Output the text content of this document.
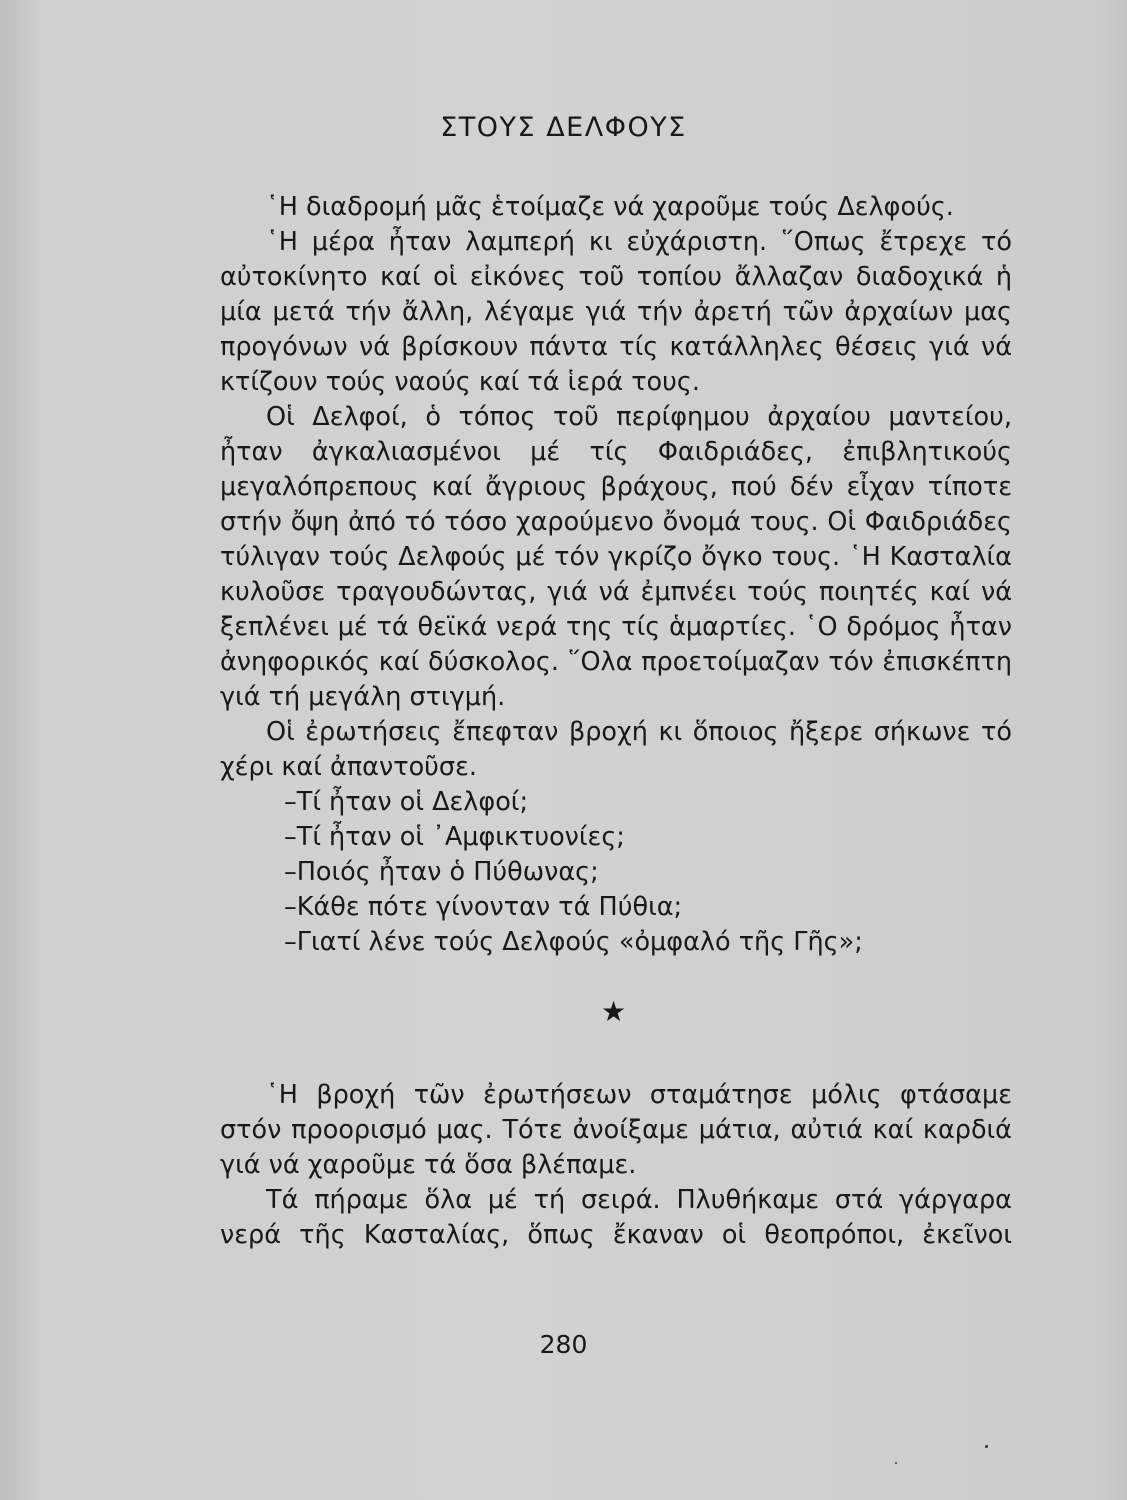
ΣΤΟΥΣ ΔΕΛΦΟΥΣ

῾Η διαδρομή μᾶς ἑτοίμαζε νά χαροῦμε τούς Δελφούς.

῾Η μέρα ἦταν λαμπερή κι εὐχάριστη. ῞Οπως ἔτρεχε τό αὐτοκίνητο καί οἱ εἰκόνες τοῦ τοπίου ἄλλαζαν διαδοχικά ἡ μία μετά τήν ἄλλη, λέγαμε γιά τήν ἀρετή τῶν ἀρχαίων μας προγόνων νά βρίσκουν πάντα τίς κατάλληλες θέσεις γιά νά κτίζουν τούς ναούς καί τά ἱερά τους.

Οἱ Δελφοί, ὁ τόπος τοῦ περίφημου ἀρχαίου μαντείου, ἦταν ἀγκαλιασμένοι μέ τίς Φαιδριάδες, ἐπιβλητικούς μεγαλόπρεπους καί ἄγριους βράχους, πού δέν εἶχαν τίποτε στήν ὄψη ἀπό τό τόσο χαρούμενο ὄνομά τους. Οἱ Φαιδριάδες τύλιγαν τούς Δελφούς μέ τόν γκρίζο ὄγκο τους. ῾Η Κασταλία κυλοῦσε τραγουδώντας, γιά νά ἐμπνέει τούς ποιητές καί νά ξεπλένει μέ τά θεϊκά νερά της τίς ἁμαρτίες. ῾Ο δρόμος ἦταν ἀνηφορικός καί δύσκολος. ῞Ολα προετοίμαζαν τόν ἐπισκέπτη γιά τή μεγάλη στιγμή.

Οἱ ἐρωτήσεις ἔπεφταν βροχή κι ὅποιος ἤξερε σήκωνε τό χέρι καί ἀπαντοῦσε.

–Τί ἦταν οἱ Δελφοί;
–Τί ἦταν οἱ ᾿Αμφικτυονίες;
–Ποιός ἦταν ὁ Πύθωνας;
–Κάθε πότε γίνονταν τά Πύθια;
–Γιατί λένε τούς Δελφούς «ὀμφαλό τῆς Γῆς»;
★

῾Η βροχή τῶν ἐρωτήσεων σταμάτησε μόλις φτάσαμε στόν προορισμό μας. Τότε ἀνοίξαμε μάτια, αὐτιά καί καρδιά γιά νά χαροῦμε τά ὅσα βλέπαμε.

Τά πήραμε ὅλα μέ τή σειρά. Πλυθήκαμε στά γάργαρα νερά τῆς Κασταλίας, ὅπως ἔκαναν οἱ θεοπρόποι, ἐκεῖνοι

280
